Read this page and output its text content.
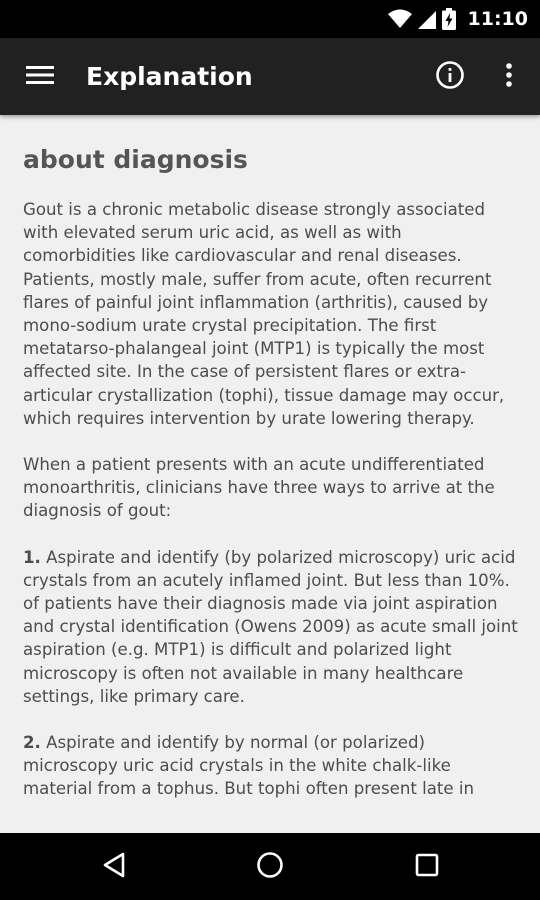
11:10
Explanation
about diagnosis

Gout is a chronic metabolic disease strongly associated with elevated serum uric acid, as well as with comorbidities like cardiovascular and renal diseases. Patients, mostly male, suffer from acute, often recurrent flares of painful joint inflammation (arthritis), caused by mono-sodium urate crystal precipitation. The first metatarso-phalangeal joint (MTP1) is typically the most affected site. In the case of persistent flares or extra-articular crystallization (tophi), tissue damage may occur, which requires intervention by urate lowering therapy.

When a patient presents with an acute undifferentiated monoarthritis, clinicians have three ways to arrive at the diagnosis of gout:

1. Aspirate and identify (by polarized microscopy) uric acid crystals from an acutely inflamed joint. But less than 10%. of patients have their diagnosis made via joint aspiration and crystal identification (Owens 2009) as acute small joint aspiration (e.g. MTP1) is difficult and polarized light microscopy is often not available in many healthcare settings, like primary care.

2. Aspirate and identify by normal (or polarized) microscopy uric acid crystals in the white chalk-like material from a tophus. But tophi often present late in
